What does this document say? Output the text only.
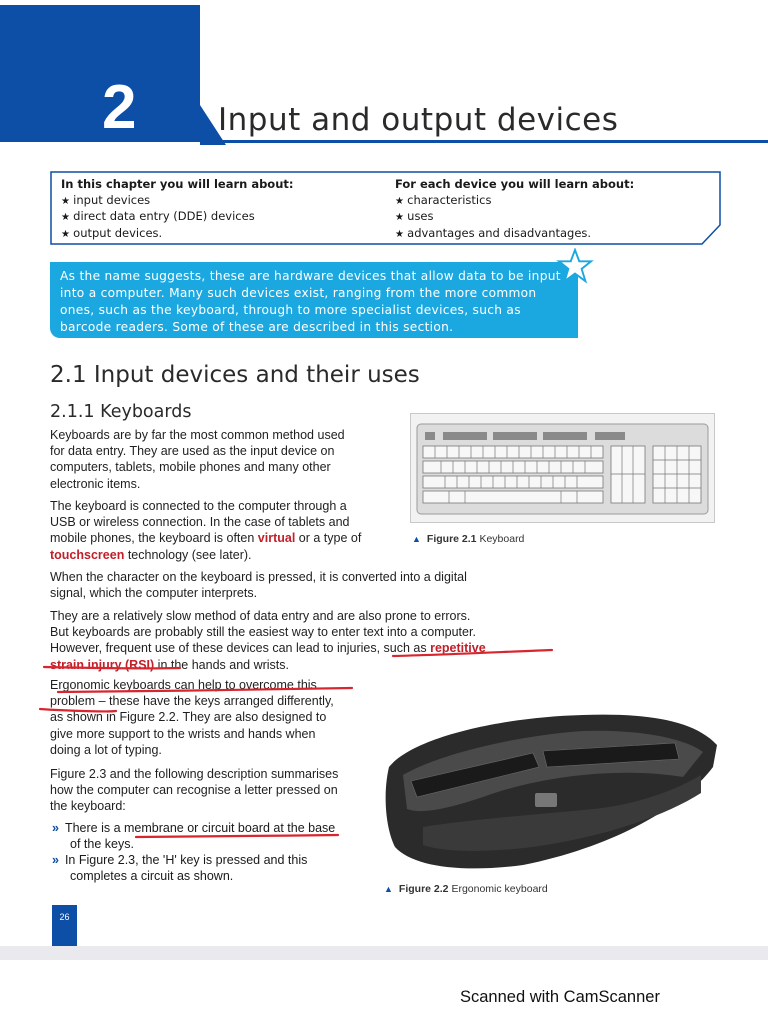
2	Input and output devices
In this chapter you will learn about:
★ input devices
★ direct data entry (DDE) devices
★ output devices.
For each device you will learn about:
★ characteristics
★ uses
★ advantages and disadvantages.
As the name suggests, these are hardware devices that allow data to be input
into a computer. Many such devices exist, ranging from the more common
ones, such as the keyboard, through to more specialist devices, such as
barcode readers. Some of these are described in this section.
2.1 Input devices and their uses
2.1.1 Keyboards
Keyboards are by far the most common method used
for data entry. They are used as the input device on
computers, tablets, mobile phones and many other
electronic items.
The keyboard is connected to the computer through a
USB or wireless connection. In the case of tablets and
mobile phones, the keyboard is often virtual or a type of
touchscreen technology (see later).
▲ Figure 2.1 Keyboard
When the character on the keyboard is pressed, it is converted into a digital
signal, which the computer interprets.
They are a relatively slow method of data entry and are also prone to errors.
But keyboards are probably still the easiest way to enter text into a computer.
However, frequent use of these devices can lead to injuries, such as repetitive
strain injury (RSI) in the hands and wrists.
Ergonomic keyboards can help to overcome this
problem – these have the keys arranged differently,
as shown in Figure 2.2. They are also designed to
give more support to the wrists and hands when
doing a lot of typing.
Figure 2.3 and the following description summarises
how the computer can recognise a letter pressed on
the keyboard:
» There is a membrane or circuit board at the base
of the keys.
» In Figure 2.3, the 'H' key is pressed and this
completes a circuit as shown.
▲ Figure 2.2 Ergonomic keyboard
26
Scanned with CamScanner
